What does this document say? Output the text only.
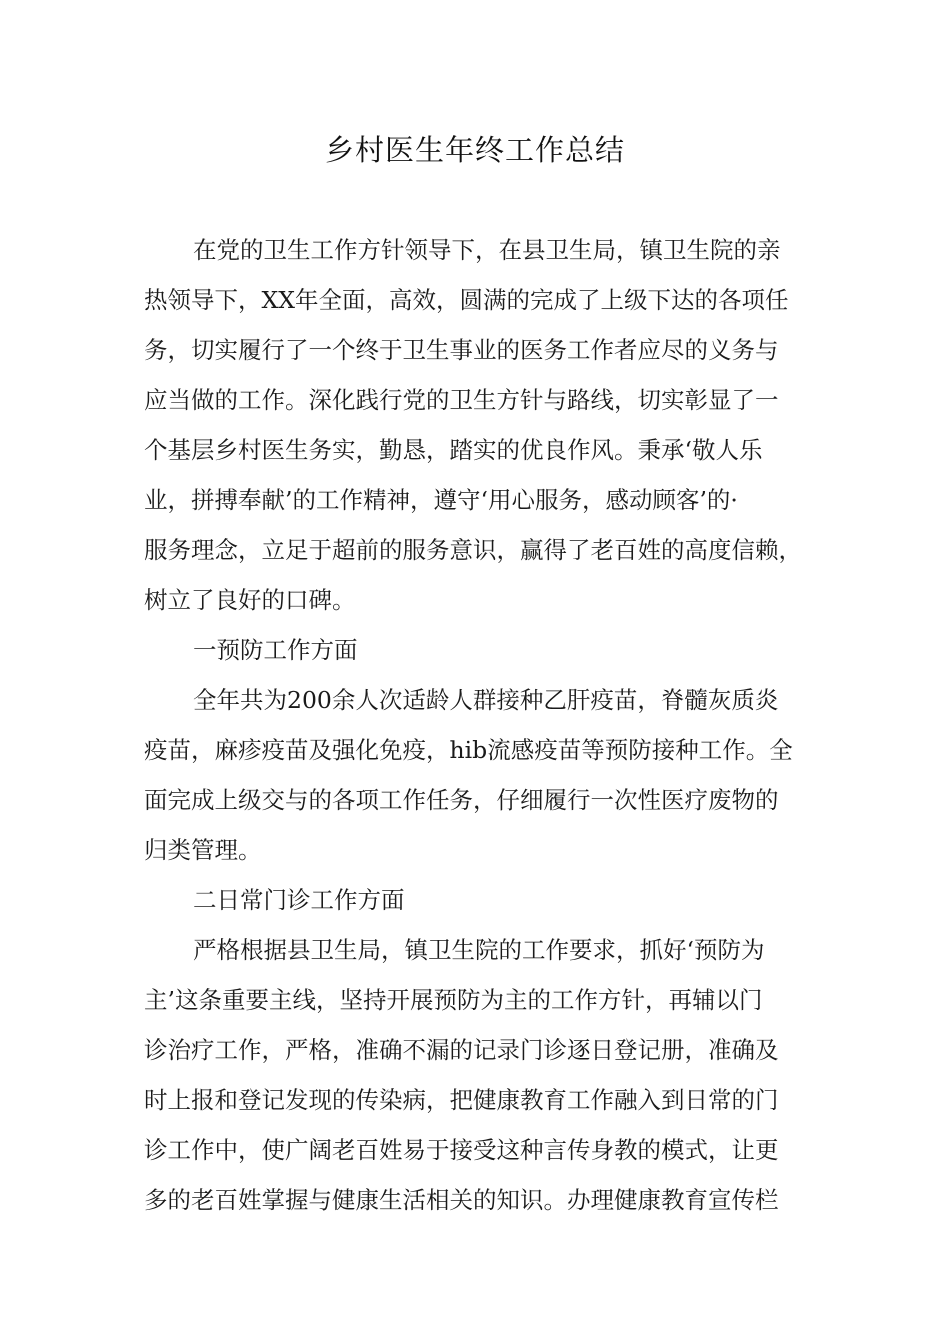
乡村医生年终工作总结
在党的卫生工作方针领导下，在县卫生局，镇卫生院的亲
热领导下，XX年全面，高效，圆满的完成了上级下达的各项任
务，切实履行了一个终于卫生事业的医务工作者应尽的义务与
应当做的工作。深化践行党的卫生方针与路线，切实彰显了一
个基层乡村医生务实，勤恳，踏实的优良作风。秉承‘敬人乐
业，拼搏奉献’的工作精神，遵守‘用心服务，感动顾客’的·
服务理念，立足于超前的服务意识，赢得了老百姓的高度信赖，
树立了良好的口碑。
一预防工作方面
全年共为200余人次适龄人群接种乙肝疫苗，脊髓灰质炎
疫苗，麻疹疫苗及强化免疫，hib流感疫苗等预防接种工作。全
面完成上级交与的各项工作任务，仔细履行一次性医疗废物的
归类管理。
二日常门诊工作方面
严格根据县卫生局，镇卫生院的工作要求，抓好‘预防为
主’这条重要主线，坚持开展预防为主的工作方针，再辅以门
诊治疗工作，严格，准确不漏的记录门诊逐日登记册，准确及
时上报和登记发现的传染病，把健康教育工作融入到日常的门
诊工作中，使广阔老百姓易于接受这种言传身教的模式，让更
多的老百姓掌握与健康生活相关的知识。办理健康教育宣传栏
